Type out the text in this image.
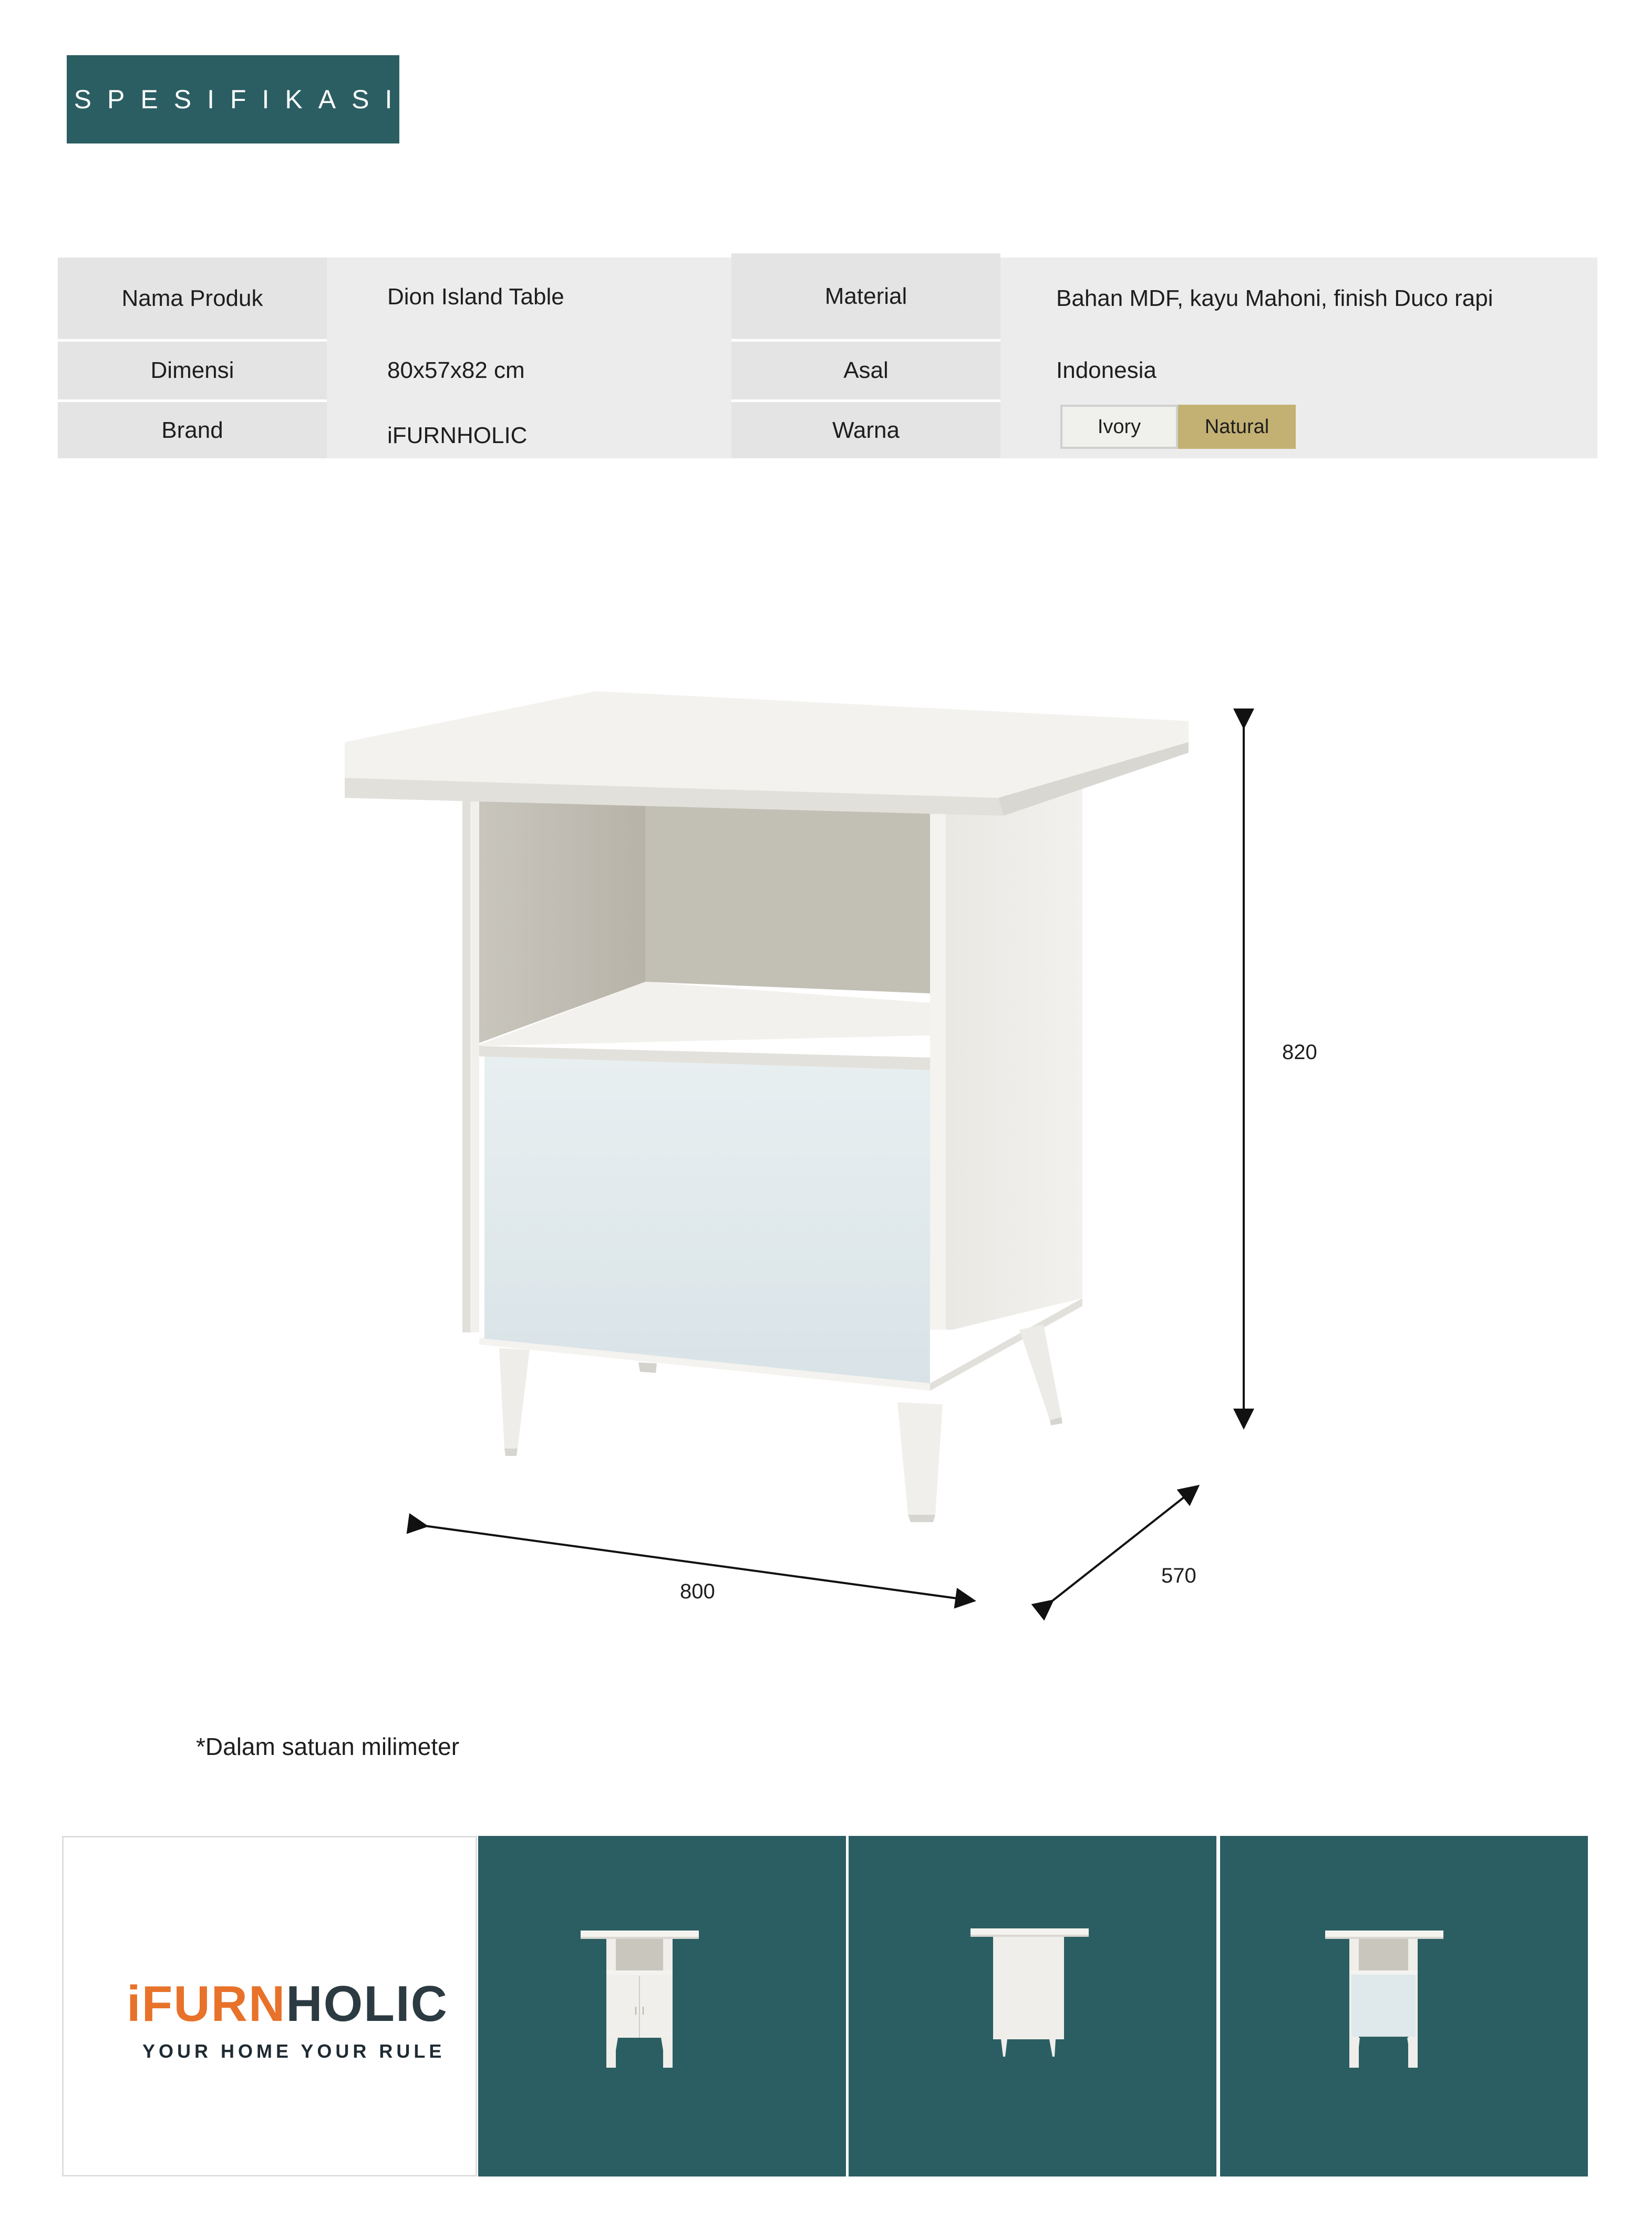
SPESIFIKASI
Nama Produk
Dimensi
Brand
Dion Island Table
80x57x82 cm
iFURNHOLIC
Material
Asal
Warna
Bahan MDF, kayu Mahoni, finish Duco rapi
Indonesia
Ivory	Natural
820
800
570
*Dalam satuan milimeter
iFURNHOLIC
YOUR HOME YOUR RULE
